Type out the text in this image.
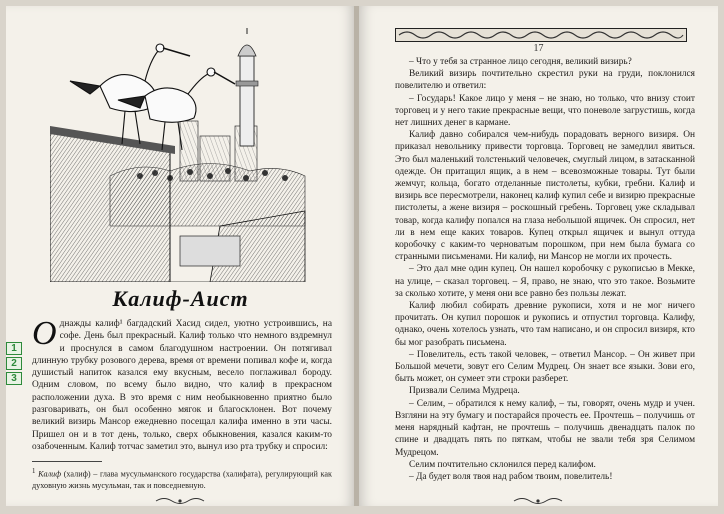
Калиф-Аист
1
2
3

Однажды калиф¹ багдадский Хасид сидел, уютно устроившись, на софе. День был прекрасный. Калиф только что немного вздремнул и проснулся в самом благодушном настроении. Он потягивал длинную трубку розового дерева, время от времени попивал кофе и, когда душистый напиток казался ему вкусным, весело поглаживал бороду. Одним словом, по всему было видно, что калиф в прекрасном расположении духа. В это время с ним необыкновенно приятно было разговаривать, он был особенно мягок и благосклонен. Вот почему великий визирь Мансор ежедневно посещал калифа именно в эти часы. Пришел он и в тот день, только, сверх обыкновения, казался каким-то озабоченным. Калиф тотчас заметил это, вынул изо рта трубку и спросил:

$^1$ Калиф (халиф) – глава мусульманского государства (халифата), регулирующий как духовную жизнь мусульман, так и повседневную.
17

– Что у тебя за странное лицо сегодня, великий визирь?

Великий визирь почтительно скрестил руки на груди, поклонился повелителю и ответил:

– Государь! Какое лицо у меня – не знаю, но только, что внизу стоит торговец и у него такие прекрасные вещи, что поневоле загрустишь, когда нет лишних денег в кармане.

Калиф давно собирался чем-нибудь порадовать верного визиря. Он приказал невольнику привести торговца. Торговец не замедлил явиться. Это был маленький толстенький человечек, смуглый лицом, в затасканной одежде. Он притащил ящик, а в нем – всевозможные товары. Тут были жемчуг, кольца, богато отделанные пистолеты, кубки, гребни. Калиф и визирь все пересмотрели, наконец калиф купил себе и визирю прекрасные пистолеты, а жене визиря – роскошный гребень. Торговец уже складывал товар, когда калифу попался на глаза небольшой ящичек. Он спросил, нет ли в нем еще каких товаров. Купец открыл ящичек и вынул оттуда коробочку с каким-то черноватым порошком, при нем была бумага со странными письменами. Ни калиф, ни Мансор не могли их прочесть.

– Это дал мне один купец. Он нашел коробочку с рукописью в Мекке, на улице, – сказал торговец. – Я, право, не знаю, что это такое. Возьмите за сколько хотите, у меня они все равно без пользы лежат.

Калиф любил собирать древние рукописи, хотя и не мог ничего прочитать. Он купил порошок и рукопись и отпустил торговца. Калифу, однако, очень хотелось узнать, что там написано, и он спросил визиря, кто бы мог разобрать письмена.

– Повелитель, есть такой человек, – ответил Мансор. – Он живет при Большой мечети, зовут его Селим Мудрец. Он знает все языки. Зови его, быть может, он сумеет эти строки разберет.

Призвали Селима Мудреца.

– Селим, – обратился к нему калиф, – ты, говорят, очень мудр и учен. Взгляни на эту бумагу и постарайся прочесть ее. Прочтешь – получишь от меня нарядный кафтан, не прочтешь – получишь двенадцать палок по спине и двадцать пять по пяткам, чтобы не звали тебя зря Селимом Мудрецом.

Селим почтительно склонился перед калифом.

– Да будет воля твоя над рабом твоим, повелитель!
